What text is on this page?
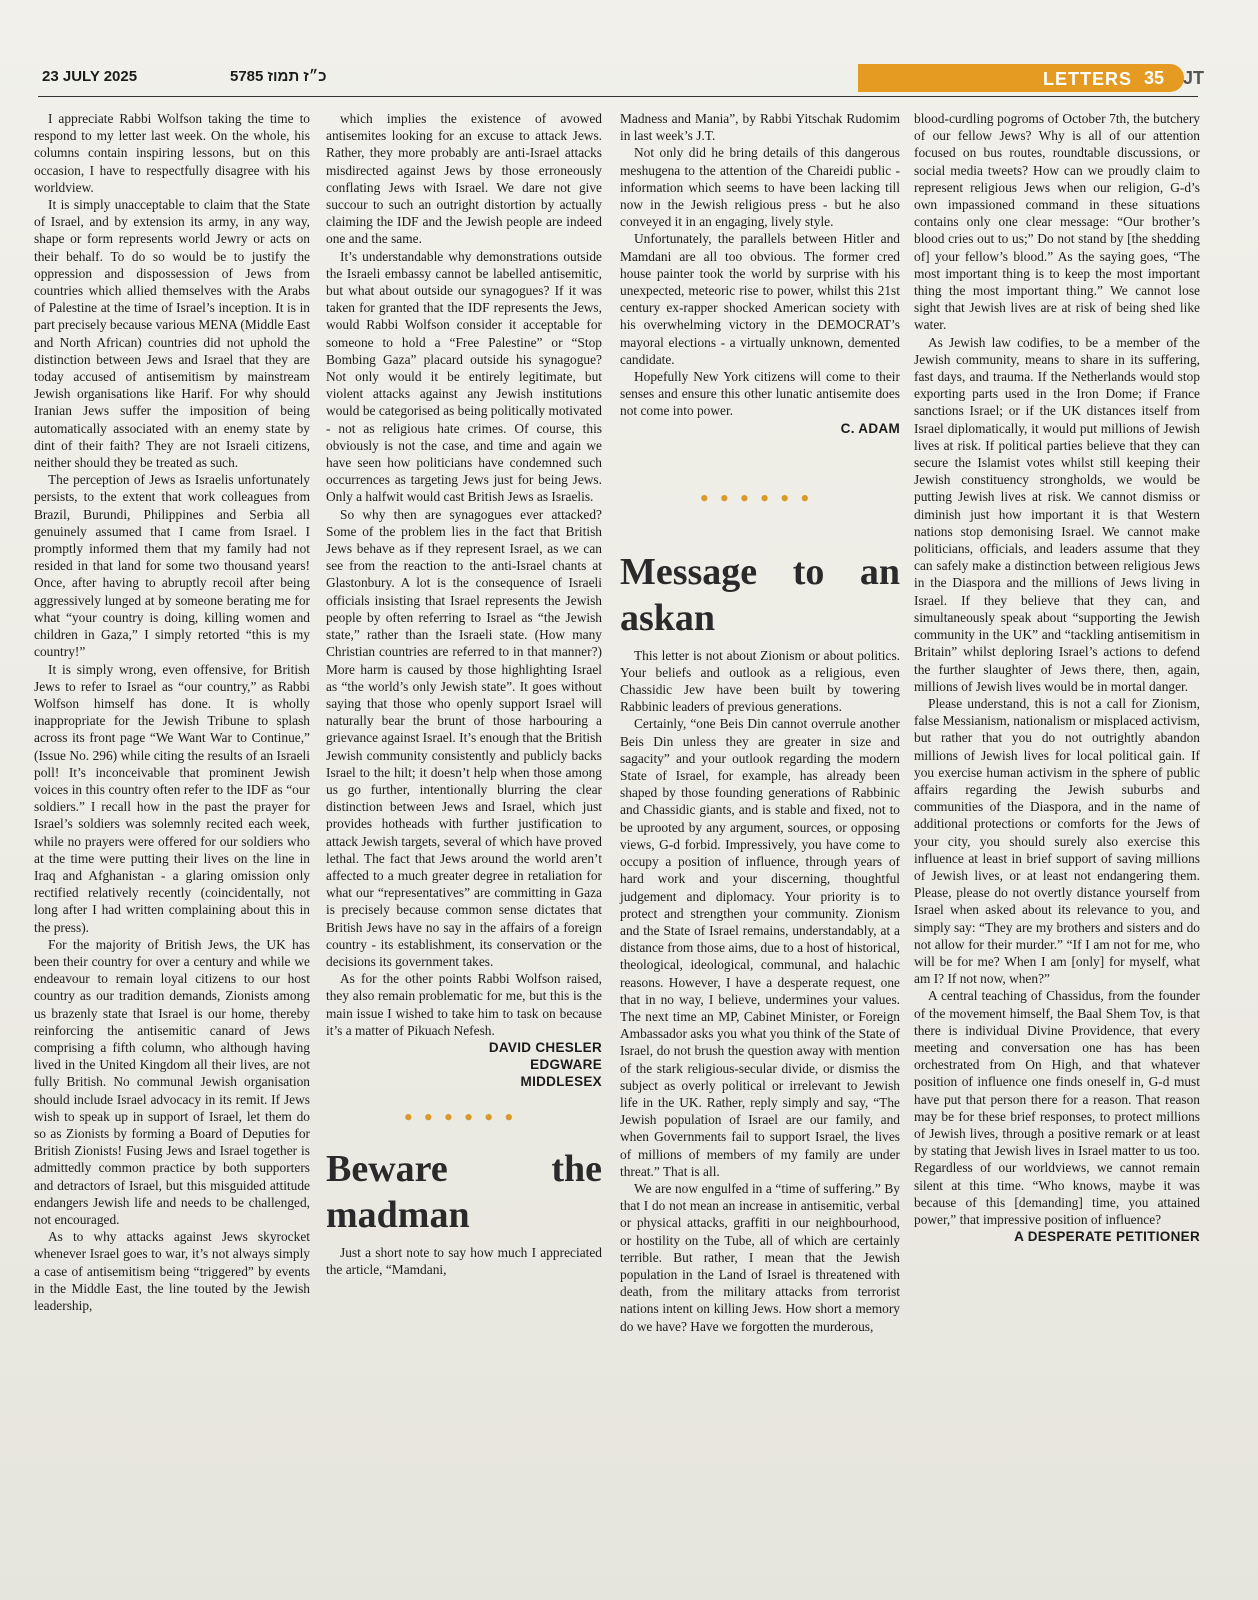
23 JULY 2025	כ״ז תמוז 5785	LETTERS 35 JT

I appreciate Rabbi Wolfson taking the time to respond to my letter last week. On the whole, his columns contain inspiring lessons, but on this occasion, I have to respectfully disagree with his worldview.

It is simply unacceptable to claim that the State of Israel, and by extension its army, in any way, shape or form represents world Jewry or acts on their behalf. To do so would be to justify the oppression and dispossession of Jews from countries which allied themselves with the Arabs of Palestine at the time of Israel’s inception. It is in part precisely because various MENA (Middle East and North African) countries did not uphold the distinction between Jews and Israel that they are today accused of antisemitism by mainstream Jewish organisations like Harif. For why should Iranian Jews suffer the imposition of being automatically associated with an enemy state by dint of their faith? They are not Israeli citizens, neither should they be treated as such.

The perception of Jews as Israelis unfortunately persists, to the extent that work colleagues from Brazil, Burundi, Philippines and Serbia all genuinely assumed that I came from Israel. I promptly informed them that my family had not resided in that land for some two thousand years! Once, after having to abruptly recoil after being aggressively lunged at by someone berating me for what “your country is doing, killing women and children in Gaza,” I simply retorted “this is my country!”

It is simply wrong, even offensive, for British Jews to refer to Israel as “our country,” as Rabbi Wolfson himself has done. It is wholly inappropriate for the Jewish Tribune to splash across its front page “We Want War to Continue,” (Issue No. 296) while citing the results of an Israeli poll! It’s inconceivable that prominent Jewish voices in this country often refer to the IDF as “our soldiers.” I recall how in the past the prayer for Israel’s soldiers was solemnly recited each week, while no prayers were offered for our soldiers who at the time were putting their lives on the line in Iraq and Afghanistan - a glaring omission only rectified relatively recently (coincidentally, not long after I had written complaining about this in the press).

For the majority of British Jews, the UK has been their country for over a century and while we endeavour to remain loyal citizens to our host country as our tradition demands, Zionists among us brazenly state that Israel is our home, thereby reinforcing the antisemitic canard of Jews comprising a fifth column, who although having lived in the United Kingdom all their lives, are not fully British. No communal Jewish organisation should include Israel advocacy in its remit. If Jews wish to speak up in support of Israel, let them do so as Zionists by forming a Board of Deputies for British Zionists! Fusing Jews and Israel together is admittedly common practice by both supporters and detractors of Israel, but this misguided attitude endangers Jewish life and needs to be challenged, not encouraged.

As to why attacks against Jews skyrocket whenever Israel goes to war, it’s not always simply a case of antisemitism being “triggered” by events in the Middle East, the line touted by the Jewish leadership,

which implies the existence of avowed antisemites looking for an excuse to attack Jews. Rather, they more probably are anti-Israel attacks misdirected against Jews by those erroneously conflating Jews with Israel. We dare not give succour to such an outright distortion by actually claiming the IDF and the Jewish people are indeed one and the same.

It’s understandable why demonstrations outside the Israeli embassy cannot be labelled antisemitic, but what about outside our synagogues? If it was taken for granted that the IDF represents the Jews, would Rabbi Wolfson consider it acceptable for someone to hold a “Free Palestine” or “Stop Bombing Gaza” placard outside his synagogue? Not only would it be entirely legitimate, but violent attacks against any Jewish institutions would be categorised as being politically motivated - not as religious hate crimes. Of course, this obviously is not the case, and time and again we have seen how politicians have condemned such occurrences as targeting Jews just for being Jews. Only a halfwit would cast British Jews as Israelis.

So why then are synagogues ever attacked? Some of the problem lies in the fact that British Jews behave as if they represent Israel, as we can see from the reaction to the anti-Israel chants at Glastonbury. A lot is the consequence of Israeli officials insisting that Israel represents the Jewish people by often referring to Israel as “the Jewish state,” rather than the Israeli state. (How many Christian countries are referred to in that manner?) More harm is caused by those highlighting Israel as “the world’s only Jewish state”. It goes without saying that those who openly support Israel will naturally bear the brunt of those harbouring a grievance against Israel. It’s enough that the British Jewish community consistently and publicly backs Israel to the hilt; it doesn’t help when those among us go further, intentionally blurring the clear distinction between Jews and Israel, which just provides hotheads with further justification to attack Jewish targets, several of which have proved lethal. The fact that Jews around the world aren’t affected to a much greater degree in retaliation for what our “representatives” are committing in Gaza is precisely because common sense dictates that British Jews have no say in the affairs of a foreign country - its establishment, its conservation or the decisions its government takes.

As for the other points Rabbi Wolfson raised, they also remain problematic for me, but this is the main issue I wished to take him to task on because it’s a matter of Pikuach Nefesh.

DAVID CHESLER
EDGWARE
MIDDLESEX
••••••
Beware the madman

Just a short note to say how much I appreciated the article, “Mamdani,

Madness and Mania”, by Rabbi Yitschak Rudomim in last week’s J.T.

Not only did he bring details of this dangerous meshugena to the attention of the Chareidi public - information which seems to have been lacking till now in the Jewish religious press - but he also conveyed it in an engaging, lively style.

Unfortunately, the parallels between Hitler and Mamdani are all too obvious. The former cred house painter took the world by surprise with his unexpected, meteoric rise to power, whilst this 21st century ex-rapper shocked American society with his overwhelming victory in the DEMOCRAT’s mayoral elections - a virtually unknown, demented candidate.

Hopefully New York citizens will come to their senses and ensure this other lunatic antisemite does not come into power.

C. ADAM
••••••
Message to an askan

This letter is not about Zionism or about politics. Your beliefs and outlook as a religious, even Chassidic Jew have been built by towering Rabbinic leaders of previous generations.

Certainly, “one Beis Din cannot overrule another Beis Din unless they are greater in size and sagacity” and your outlook regarding the modern State of Israel, for example, has already been shaped by those founding generations of Rabbinic and Chassidic giants, and is stable and fixed, not to be uprooted by any argument, sources, or opposing views, G-d forbid. Impressively, you have come to occupy a position of influence, through years of hard work and your discerning, thoughtful judgement and diplomacy. Your priority is to protect and strengthen your community. Zionism and the State of Israel remains, understandably, at a distance from those aims, due to a host of historical, theological, ideological, communal, and halachic reasons. However, I have a desperate request, one that in no way, I believe, undermines your values. The next time an MP, Cabinet Minister, or Foreign Ambassador asks you what you think of the State of Israel, do not brush the question away with mention of the stark religious-secular divide, or dismiss the subject as overly political or irrelevant to Jewish life in the UK. Rather, reply simply and say, “The Jewish population of Israel are our family, and when Governments fail to support Israel, the lives of millions of members of my family are under threat.” That is all.

We are now engulfed in a “time of suffering.” By that I do not mean an increase in antisemitic, verbal or physical attacks, graffiti in our neighbourhood, or hostility on the Tube, all of which are certainly terrible. But rather, I mean that the Jewish population in the Land of Israel is threatened with death, from the military attacks from terrorist nations intent on killing Jews. How short a memory do we have? Have we forgotten the murderous,

blood-curdling pogroms of October 7th, the butchery of our fellow Jews? Why is all of our attention focused on bus routes, roundtable discussions, or social media tweets? How can we proudly claim to represent religious Jews when our religion, G-d’s own impassioned command in these situations contains only one clear message: “Our brother’s blood cries out to us;” Do not stand by [the shedding of] your fellow’s blood.” As the saying goes, “The most important thing is to keep the most important thing the most important thing.” We cannot lose sight that Jewish lives are at risk of being shed like water.

As Jewish law codifies, to be a member of the Jewish community, means to share in its suffering, fast days, and trauma. If the Netherlands would stop exporting parts used in the Iron Dome; if France sanctions Israel; or if the UK distances itself from Israel diplomatically, it would put millions of Jewish lives at risk. If political parties believe that they can secure the Islamist votes whilst still keeping their Jewish constituency strongholds, we would be putting Jewish lives at risk. We cannot dismiss or diminish just how important it is that Western nations stop demonising Israel. We cannot make politicians, officials, and leaders assume that they can safely make a distinction between religious Jews in the Diaspora and the millions of Jews living in Israel. If they believe that they can, and simultaneously speak about “supporting the Jewish community in the UK” and “tackling antisemitism in Britain” whilst deploring Israel’s actions to defend the further slaughter of Jews there, then, again, millions of Jewish lives would be in mortal danger.

Please understand, this is not a call for Zionism, false Messianism, nationalism or misplaced activism, but rather that you do not outrightly abandon millions of Jewish lives for local political gain. If you exercise human activism in the sphere of public affairs regarding the Jewish suburbs and communities of the Diaspora, and in the name of additional protections or comforts for the Jews of your city, you should surely also exercise this influence at least in brief support of saving millions of Jewish lives, or at least not endangering them. Please, please do not overtly distance yourself from Israel when asked about its relevance to you, and simply say: “They are my brothers and sisters and do not allow for their murder.” “If I am not for me, who will be for me? When I am [only] for myself, what am I? If not now, when?”

A central teaching of Chassidus, from the founder of the movement himself, the Baal Shem Tov, is that there is individual Divine Providence, that every meeting and conversation one has has been orchestrated from On High, and that whatever position of influence one finds oneself in, G-d must have put that person there for a reason. That reason may be for these brief responses, to protect millions of Jewish lives, through a positive remark or at least by stating that Jewish lives in Israel matter to us too. Regardless of our worldviews, we cannot remain silent at this time. “Who knows, maybe it was because of this [demanding] time, you attained power,” that impressive position of influence?

A DESPERATE PETITIONER
